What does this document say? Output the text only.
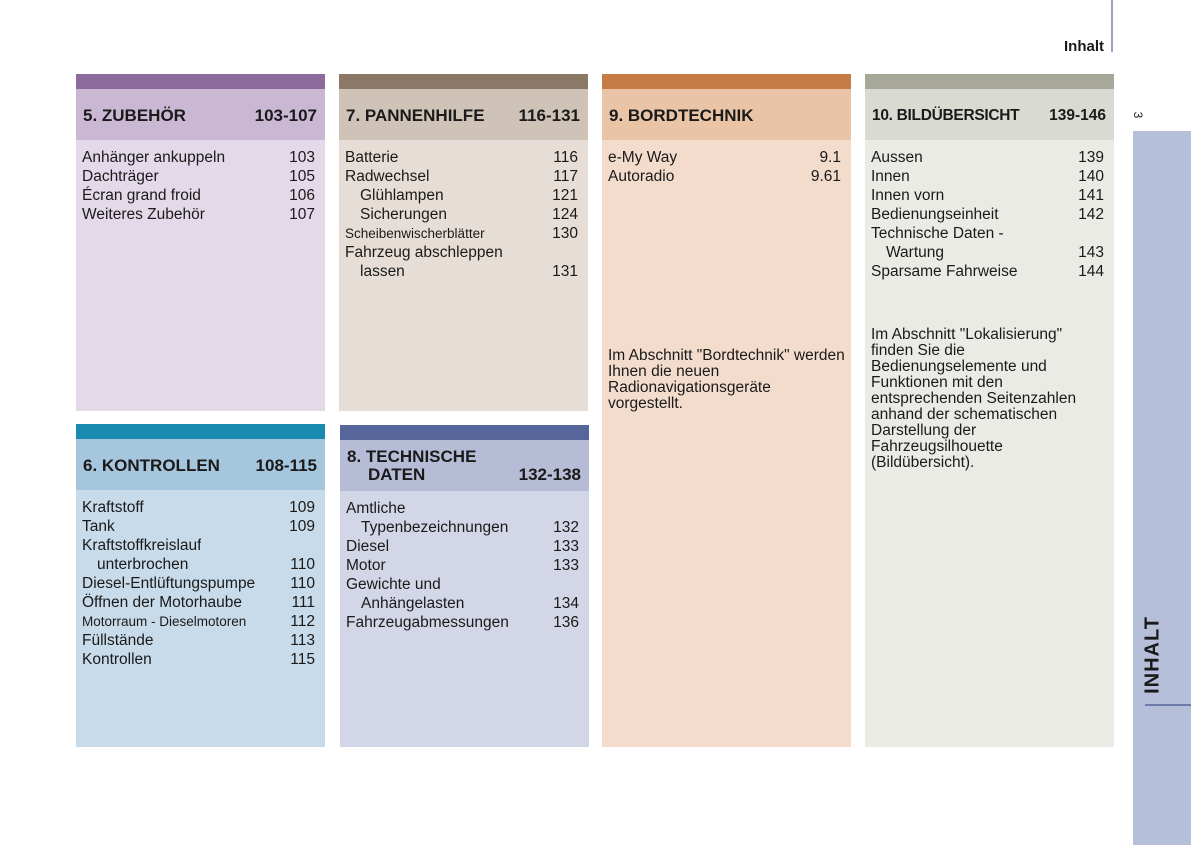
Inhalt
3
INHALT
5. ZUBEHÖR	103-107
Anhänger ankuppeln	103
Dachträger	105
Écran grand froid	106
Weiteres Zubehör	107
7. PANNENHILFE 116-131
Batterie	116
Radwechsel	117
Glühlampen	121
Sicherungen	124
Scheibenwischerblätter	130
Fahrzeug abschleppen
lassen	131
9. BORDTECHNIK
e-My Way	9.1
Autoradio	9.61
Im Abschnitt "Bordtechnik" werden Ihnen die neuen Radionavigationsgeräte vorgestellt.
10. BILDÜBERSICHT 139-146
Aussen	139
Innen	140
Innen vorn	141
Bedienungseinheit	142
Technische Daten -
Wartung	143
Sparsame Fahrweise	144
Im Abschnitt "Lokalisierung" finden Sie die Bedienungselemente und Funktionen mit den entsprechenden Seitenzahlen anhand der schematischen Darstellung der Fahrzeugsilhouette (Bildübersicht).
6. KONTROLLEN 108-115
Kraftstoff	109
Tank	109
Kraftstoffkreislauf
unterbrochen	110
Diesel-Entlüftungspumpe 110
Öffnen der Motorhaube	111
Motorraum - Dieselmotoren	112
Füllstände	113
Kontrollen	115
8. TECHNISCHE
DATEN	132-138
Amtliche
Typenbezeichnungen	132
Diesel	133
Motor	133
Gewichte und
Anhängelasten	134
Fahrzeugabmessungen	136
